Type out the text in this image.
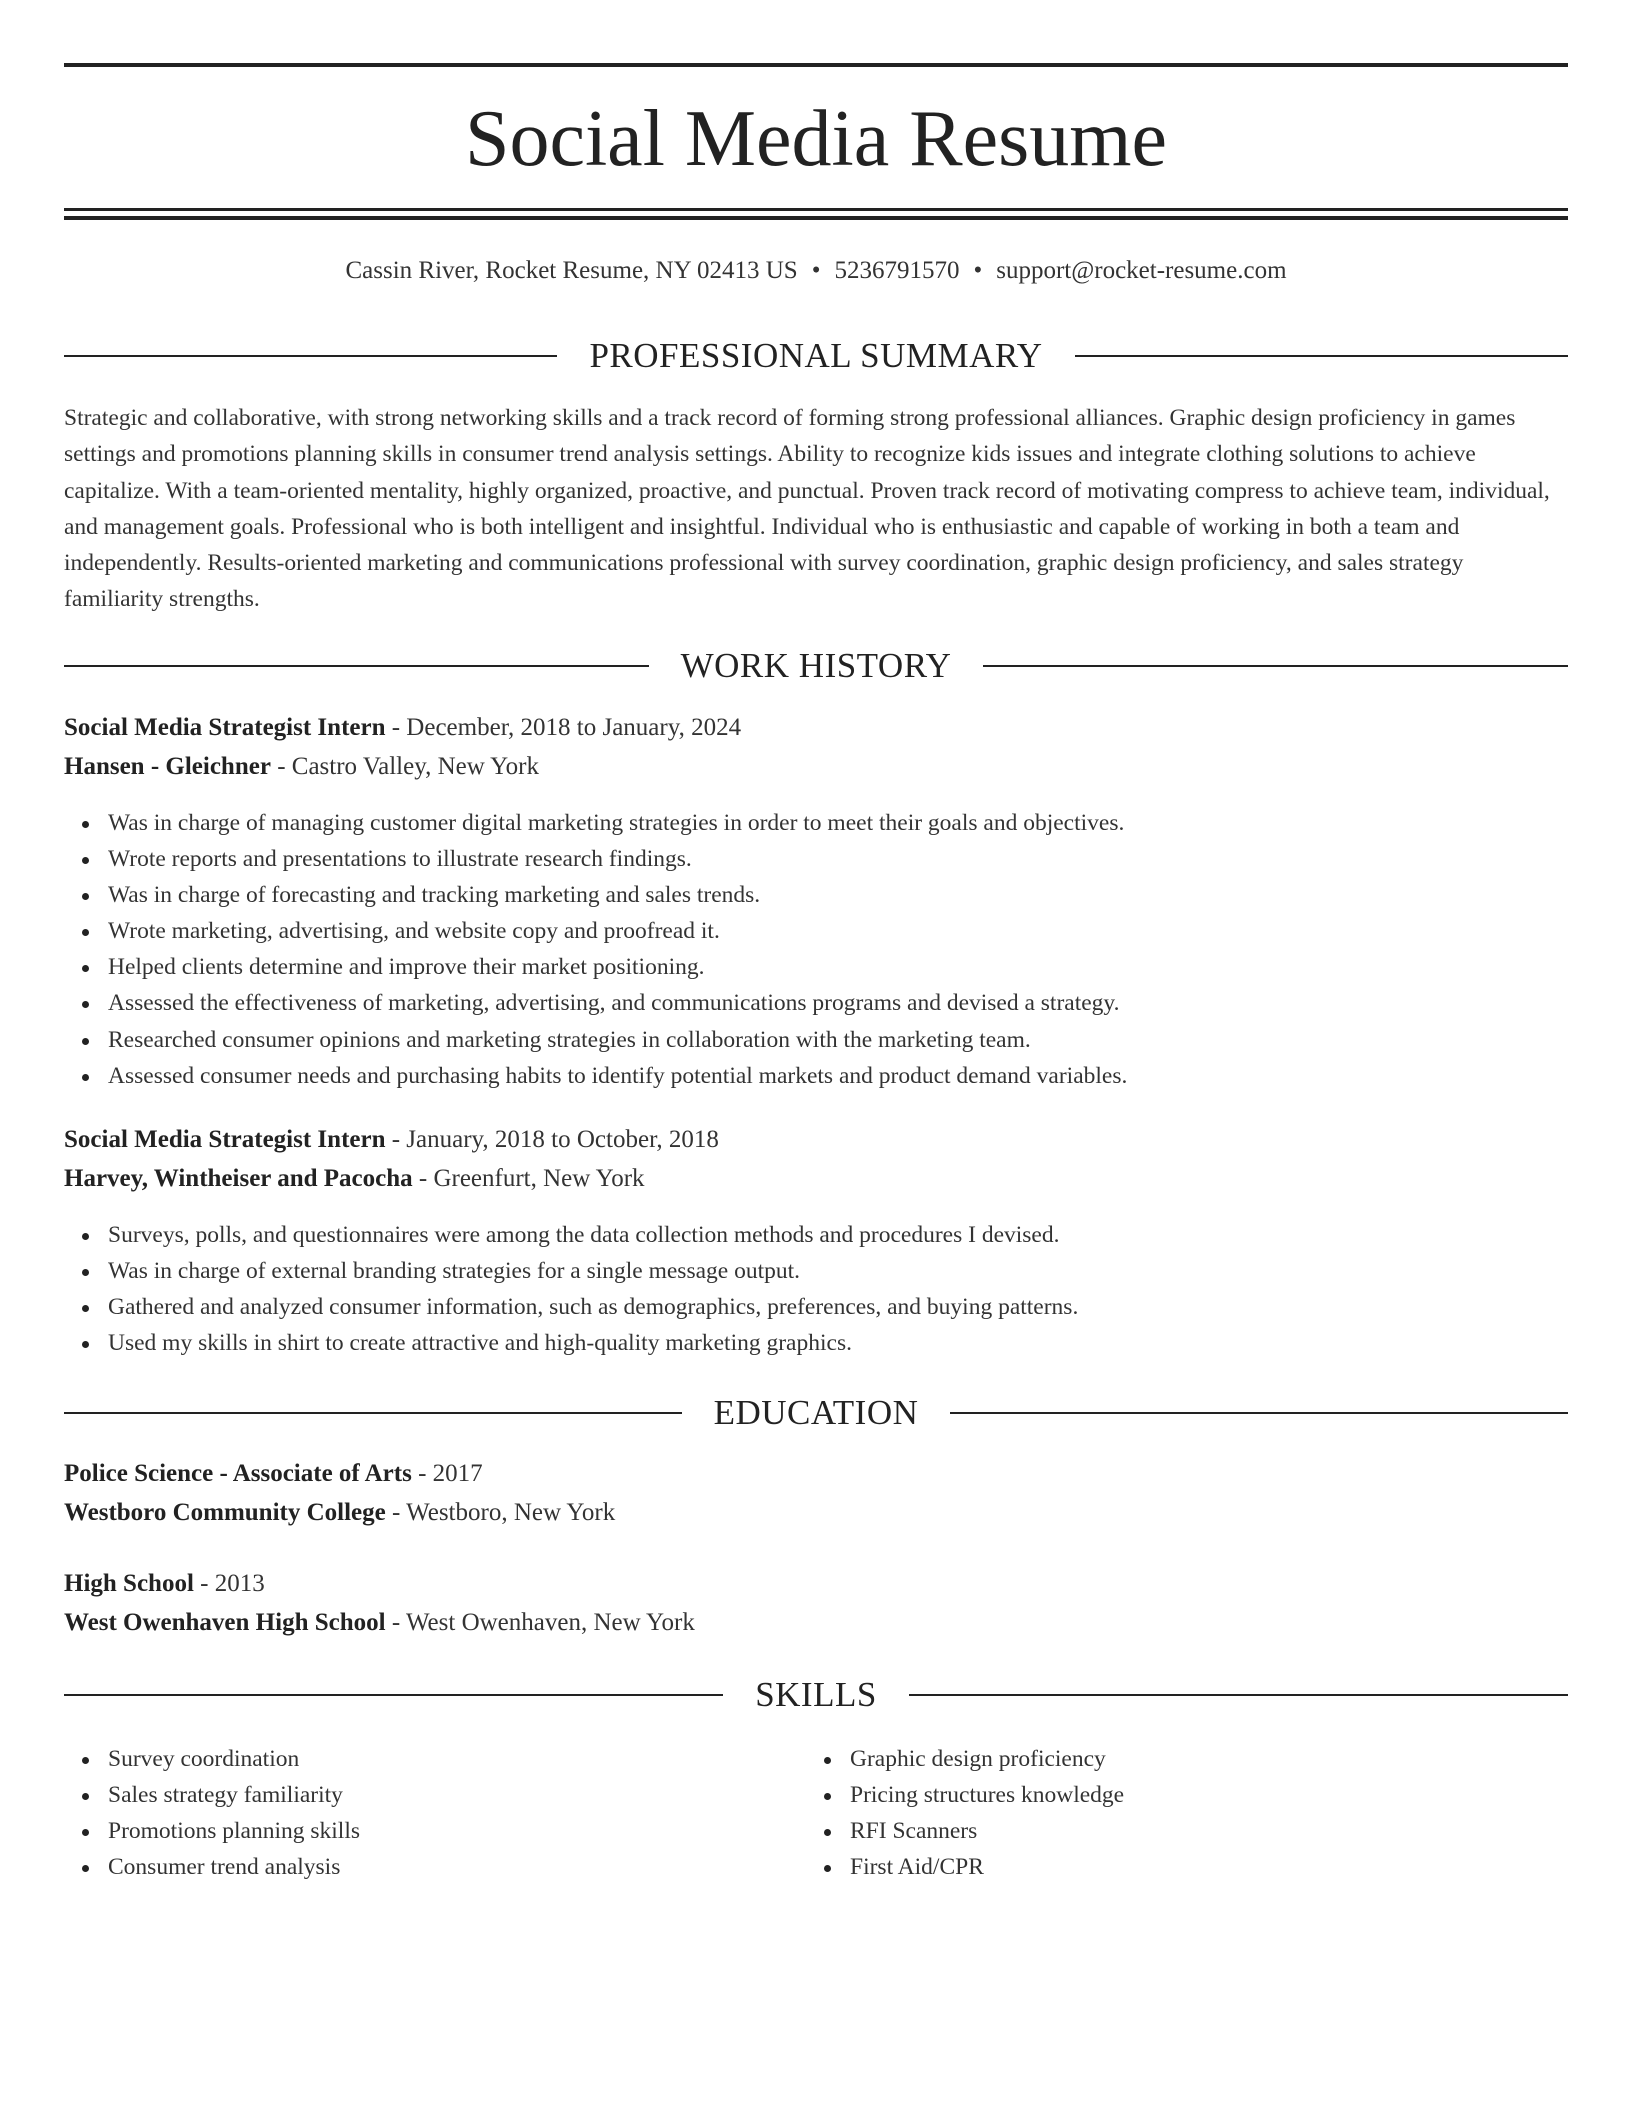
Social Media Resume
Cassin River, Rocket Resume, NY 02413 US • 5236791570 • support@rocket-resume.com
PROFESSIONAL SUMMARY

Strategic and collaborative, with strong networking skills and a track record of forming strong professional alliances. Graphic design proficiency in games settings and promotions planning skills in consumer trend analysis settings. Ability to recognize kids issues and integrate clothing solutions to achieve capitalize. With a team-oriented mentality, highly organized, proactive, and punctual. Proven track record of motivating compress to achieve team, individual, and management goals. Professional who is both intelligent and insightful. Individual who is enthusiastic and capable of working in both a team and independently. Results-oriented marketing and communications professional with survey coordination, graphic design proficiency, and sales strategy familiarity strengths.

WORK HISTORY
Social Media Strategist Intern - December, 2018 to January, 2024
Hansen - Gleichner - Castro Valley, New York
Was in charge of managing customer digital marketing strategies in order to meet their goals and objectives.
Wrote reports and presentations to illustrate research findings.
Was in charge of forecasting and tracking marketing and sales trends.
Wrote marketing, advertising, and website copy and proofread it.
Helped clients determine and improve their market positioning.
Assessed the effectiveness of marketing, advertising, and communications programs and devised a strategy.
Researched consumer opinions and marketing strategies in collaboration with the marketing team.
Assessed consumer needs and purchasing habits to identify potential markets and product demand variables.
Social Media Strategist Intern - January, 2018 to October, 2018
Harvey, Wintheiser and Pacocha - Greenfurt, New York
Surveys, polls, and questionnaires were among the data collection methods and procedures I devised.
Was in charge of external branding strategies for a single message output.
Gathered and analyzed consumer information, such as demographics, preferences, and buying patterns.
Used my skills in shirt to create attractive and high-quality marketing graphics.
EDUCATION
Police Science - Associate of Arts - 2017
Westboro Community College - Westboro, New York
High School - 2013
West Owenhaven High School - West Owenhaven, New York
SKILLS
Survey coordination
Sales strategy familiarity
Promotions planning skills
Consumer trend analysis
Graphic design proficiency
Pricing structures knowledge
RFI Scanners
First Aid/CPR
